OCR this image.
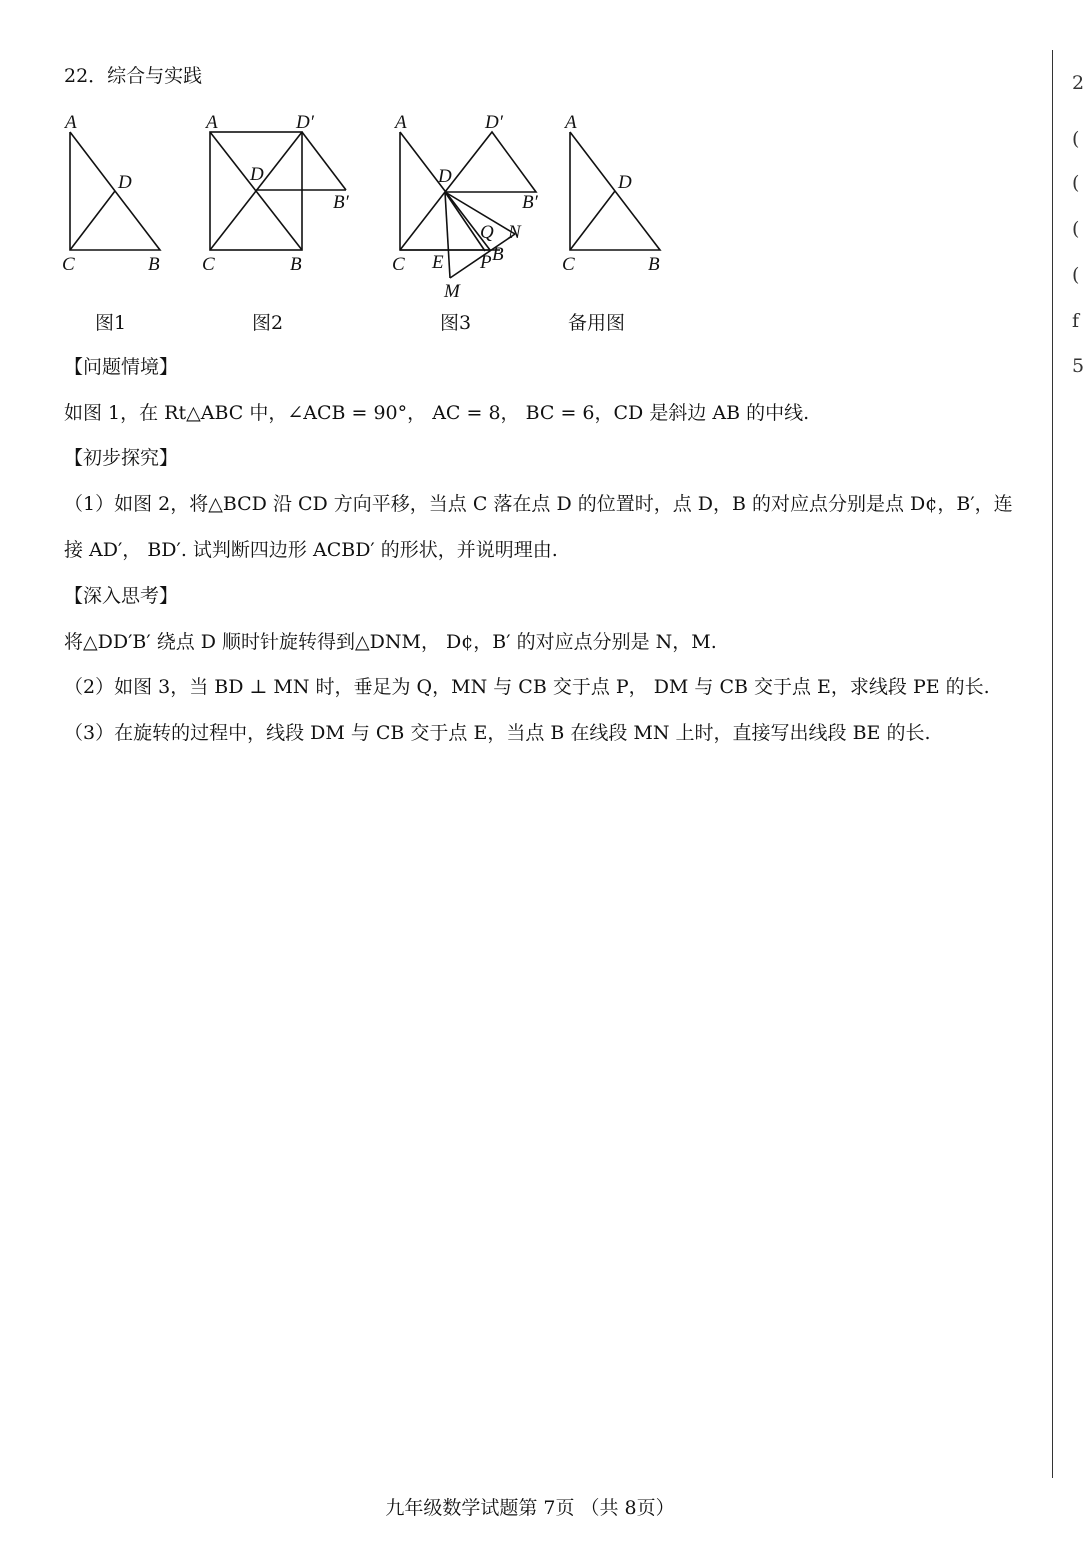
22．综合与实践
A
D
C	B
A	D′
D
B′
C	B
A	D′
D
B′
Q N
B
P
E
C
M
A
D
C	B
图1	图2	图3	备用图
【问题情境】
如图 1，在 Rt△ABC 中，∠ACB = 90°， AC = 8， BC = 6，CD 是斜边 AB 的中线.
【初步探究】
（1）如图 2，将△BCD 沿 CD 方向平移，当点 C 落在点 D 的位置时，点 D，B 的对应点分别是点 D¢，B′，连
接 AD′， BD′. 试判断四边形 ACBD′ 的形状，并说明理由.
【深入思考】
将△DD′B′ 绕点 D 顺时针旋转得到△DNM， D¢，B′ 的对应点分别是 N，M.
（2）如图 3，当 BD ⊥ MN 时，垂足为 Q，MN 与 CB 交于点 P， DM 与 CB 交于点 E，求线段 PE 的长.
（3）在旋转的过程中，线段 DM 与 CB 交于点 E，当点 B 在线段 MN 上时，直接写出线段 BE 的长.
2
(
(
(
(
f
5
九年级数学试题第 7页 （共 8页）
